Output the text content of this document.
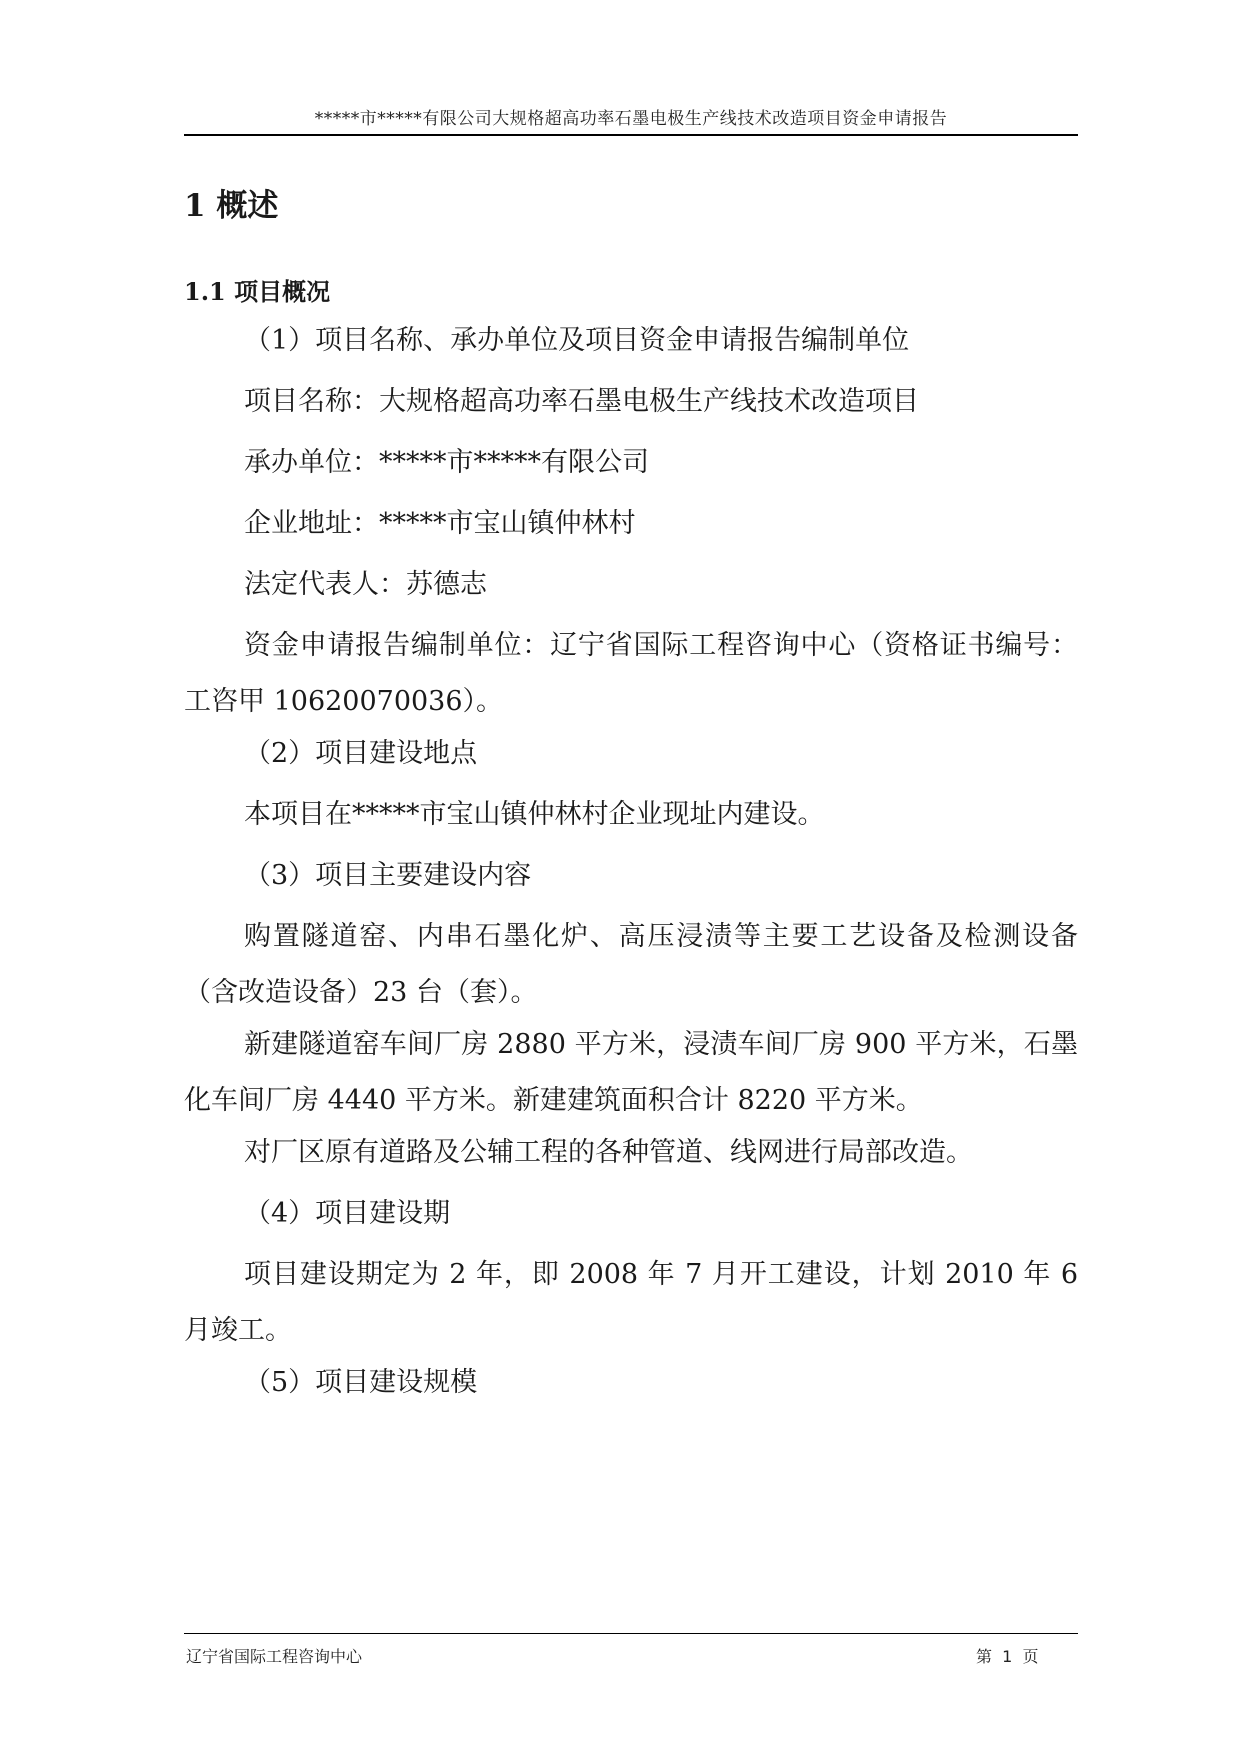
*****市*****有限公司大规格超高功率石墨电极生产线技术改造项目资金申请报告
1 概述
1.1 项目概况

（1）项目名称、承办单位及项目资金申请报告编制单位

项目名称：大规格超高功率石墨电极生产线技术改造项目

承办单位：*****市*****有限公司

企业地址：*****市宝山镇仲林村

法定代表人：苏德志

资金申请报告编制单位：辽宁省国际工程咨询中心（资格证书编号：工咨甲 10620070036）。

（2）项目建设地点

本项目在*****市宝山镇仲林村企业现址内建设。

（3）项目主要建设内容

购置隧道窑、内串石墨化炉、高压浸渍等主要工艺设备及检测设备（含改造设备）23 台（套）。

新建隧道窑车间厂房 2880 平方米，浸渍车间厂房 900 平方米，石墨化车间厂房 4440 平方米。新建建筑面积合计 8220 平方米。

对厂区原有道路及公辅工程的各种管道、线网进行局部改造。

（4）项目建设期

项目建设期定为 2 年，即 2008 年 7 月开工建设，计划 2010 年 6 月竣工。

（5）项目建设规模

辽宁省国际工程咨询中心	第  1  页
